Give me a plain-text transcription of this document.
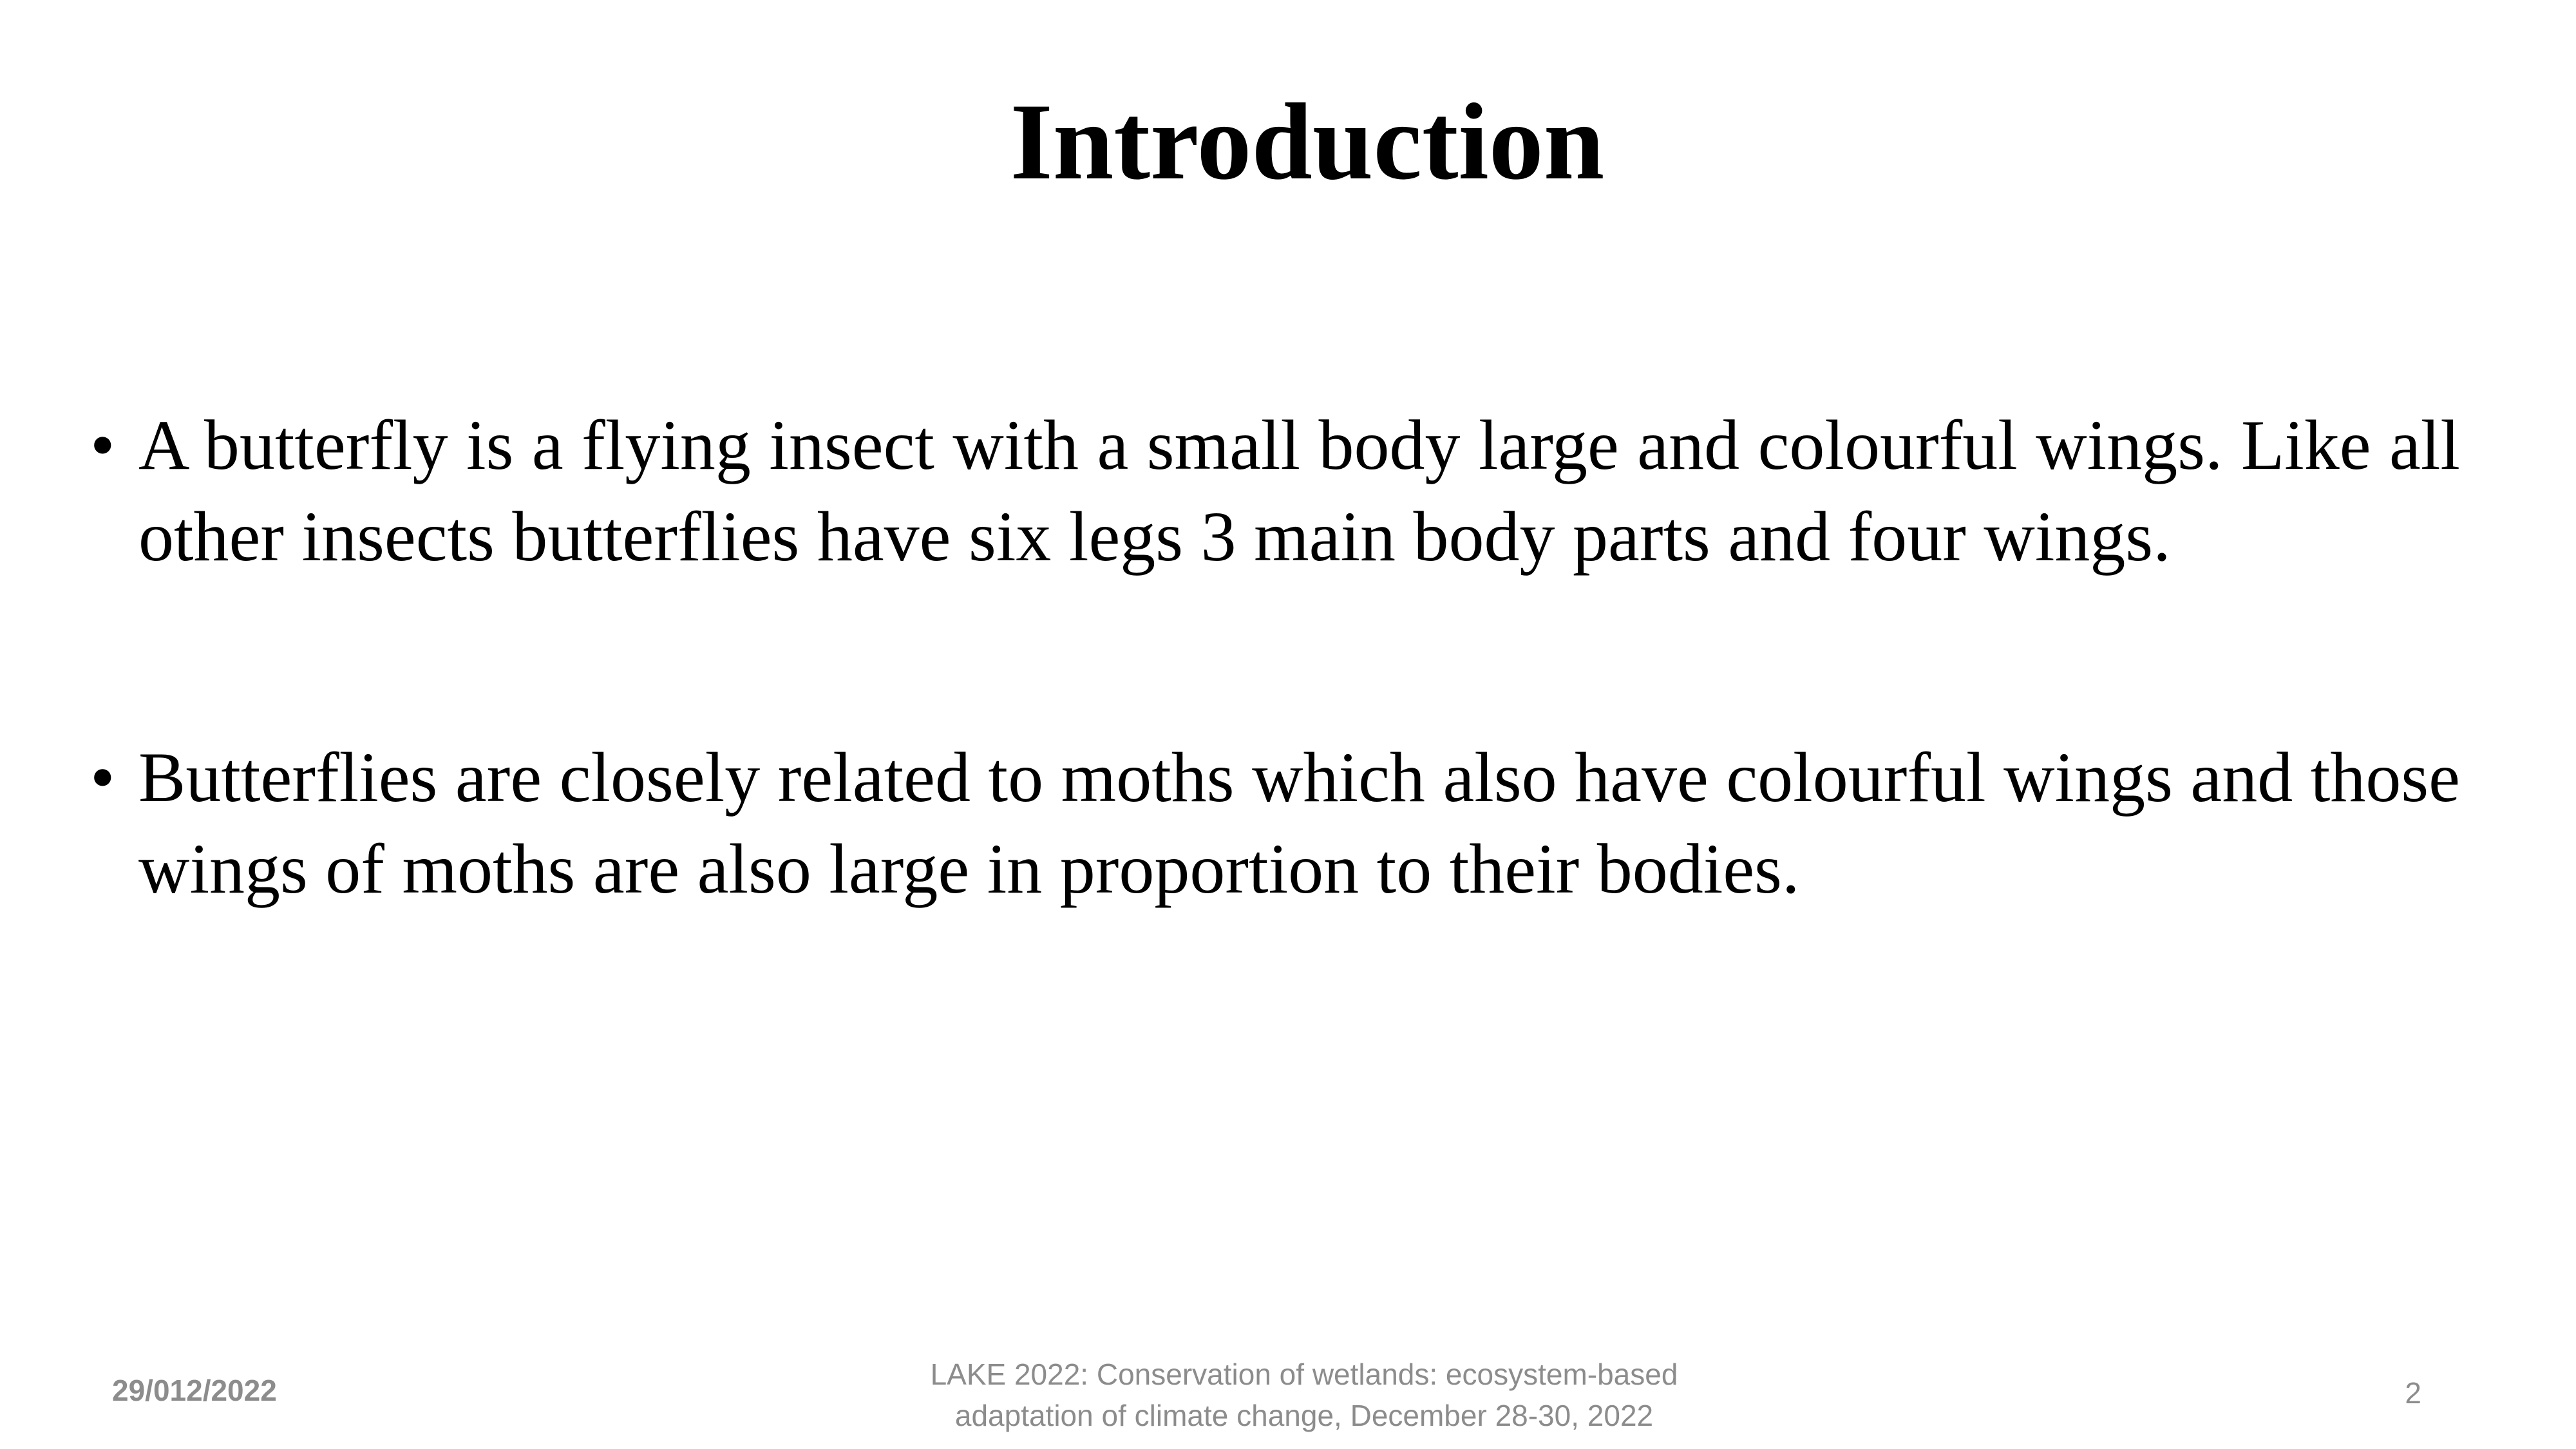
Introduction

• A butterfly is a flying insect with a small body large and colourful wings. Like all other insects butterflies have six legs 3 main body parts and four wings.

• Butterflies are closely related to moths which also have colourful wings and those wings of moths are also large in proportion to their bodies.

29/012/2022	LAKE 2022: Conservation of wetlands: ecosystem-based
adaptation of climate change, December 28-30, 2022
2
